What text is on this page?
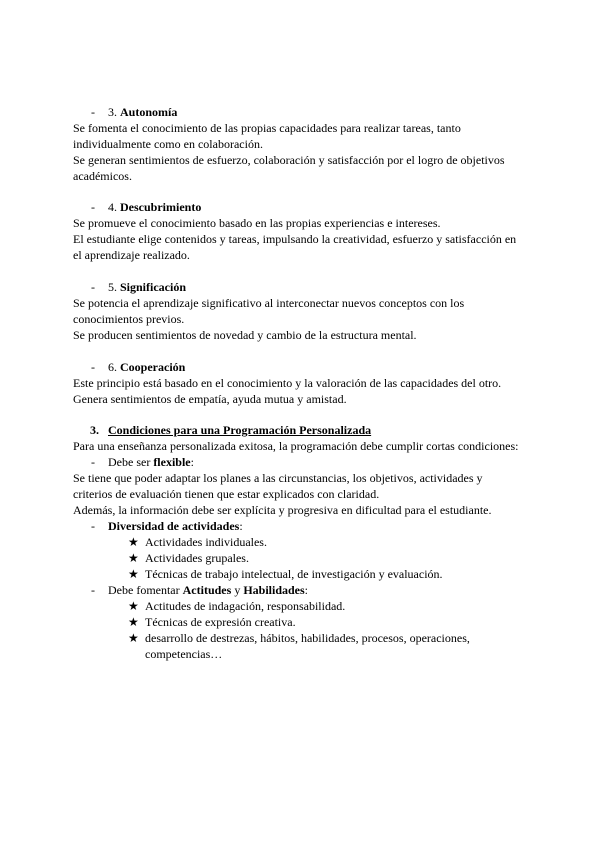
- 3. Autonomía
Se fomenta el conocimiento de las propias capacidades para realizar tareas, tanto
individualmente como en colaboración.
Se generan sentimientos de esfuerzo, colaboración y satisfacción por el logro de objetivos
académicos.
- 4. Descubrimiento
Se promueve el conocimiento basado en las propias experiencias e intereses.
El estudiante elige contenidos y tareas, impulsando la creatividad, esfuerzo y satisfacción en
el aprendizaje realizado.
- 5. Significación
Se potencia el aprendizaje significativo al interconectar nuevos conceptos con los
conocimientos previos.
Se producen sentimientos de novedad y cambio de la estructura mental.
- 6. Cooperación
Este principio está basado en el conocimiento y la valoración de las capacidades del otro.
Genera sentimientos de empatía, ayuda mutua y amistad.
3. Condiciones para una Programación Personalizada
Para una enseñanza personalizada exitosa, la programación debe cumplir cortas condiciones:
- Debe ser flexible:
Se tiene que poder adaptar los planes a las circunstancias, los objetivos, actividades y
criterios de evaluación tienen que estar explicados con claridad.
Además, la información debe ser explícita y progresiva en dificultad para el estudiante.
- Diversidad de actividades:
★ Actividades individuales.
★ Actividades grupales.
★ Técnicas de trabajo intelectual, de investigación y evaluación.
- Debe fomentar Actitudes y Habilidades:
★ Actitudes de indagación, responsabilidad.
★ Técnicas de expresión creativa.
★ desarrollo de destrezas, hábitos, habilidades, procesos, operaciones,
competencias…
